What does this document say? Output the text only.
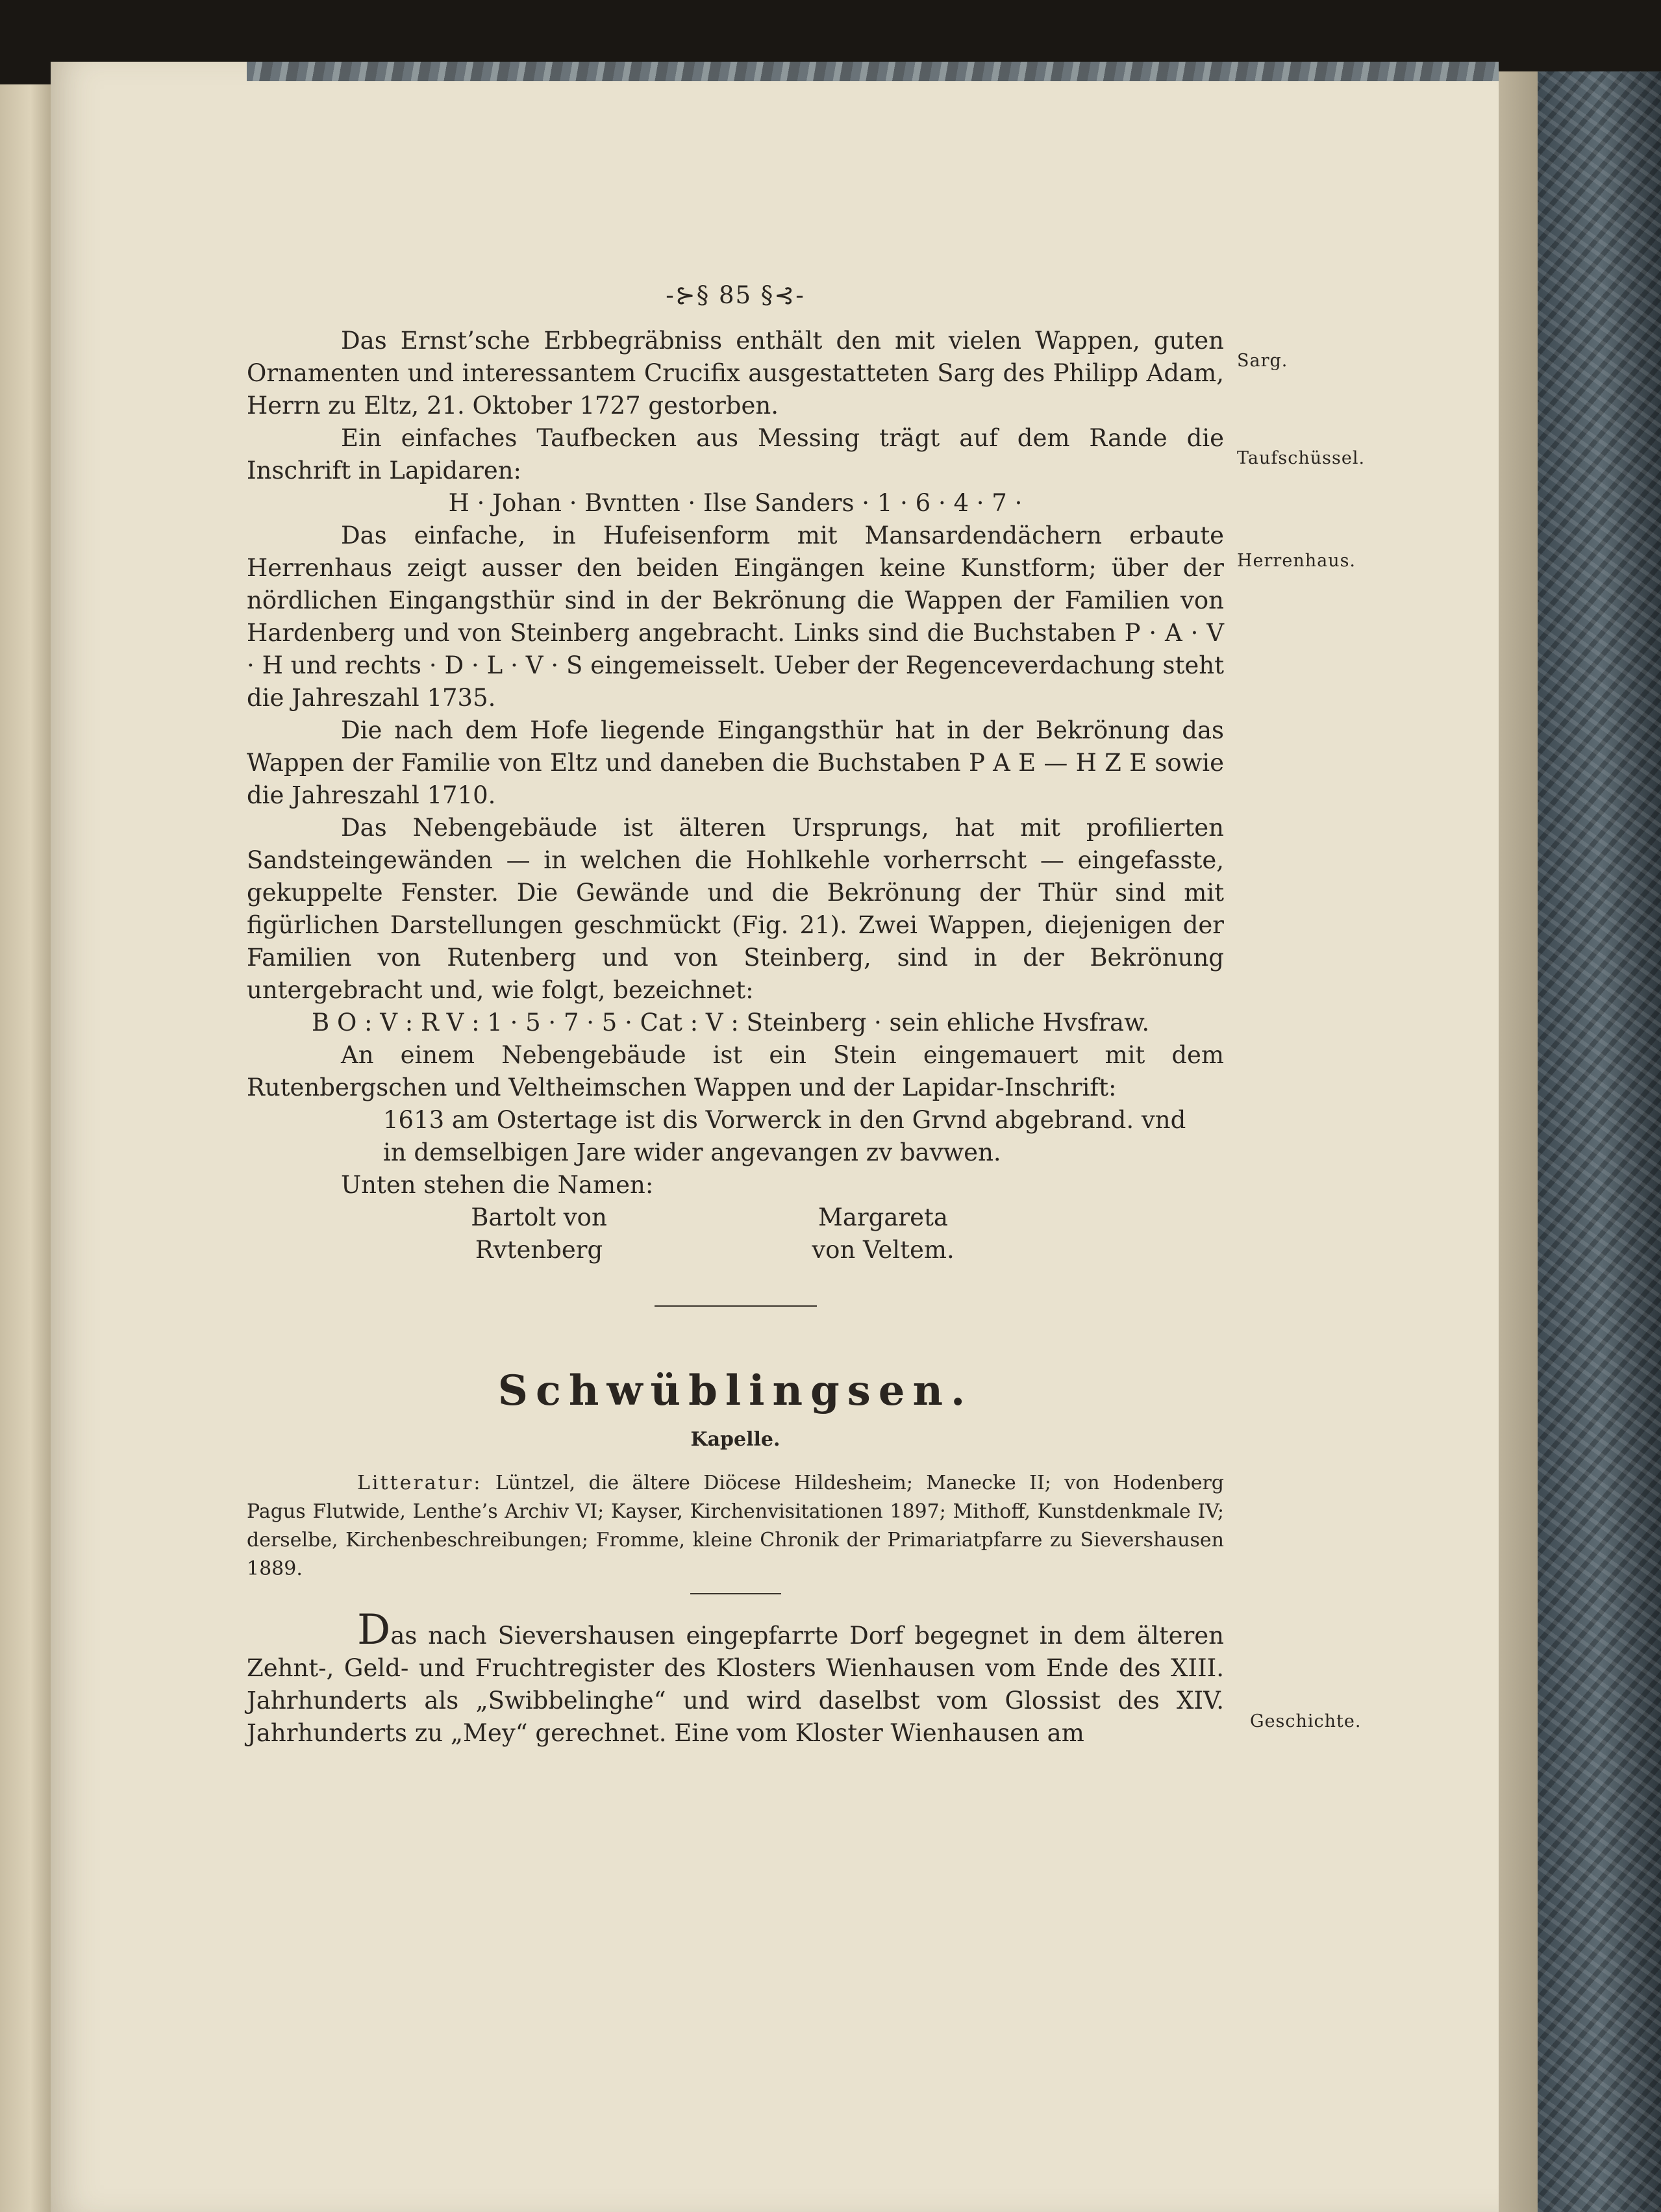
-⊱§ 85 §⊰-

Das Ernst’sche Erbbegräbniss enthält den mit vielen Wappen, guten Ornamenten und interessantem Crucifix ausgestatteten Sarg des Philipp Adam, Herrn zu Eltz, 21. Oktober 1727 gestorben.

Ein einfaches Taufbecken aus Messing trägt auf dem Rande die Inschrift in Lapidaren:

H · Johan · Bvntten · Ilse Sanders · 1 · 6 · 4 · 7 ·

Das einfache, in Hufeisenform mit Mansardendächern erbaute Herrenhaus zeigt ausser den beiden Eingängen keine Kunstform; über der nördlichen Eingangsthür sind in der Bekrönung die Wappen der Familien von Hardenberg und von Steinberg angebracht. Links sind die Buchstaben P · A · V · H und rechts · D · L · V · S eingemeisselt. Ueber der Regenceverdachung steht die Jahreszahl 1735.

Die nach dem Hofe liegende Eingangsthür hat in der Bekrönung das Wappen der Familie von Eltz und daneben die Buchstaben P A E — H Z E sowie die Jahreszahl 1710.

Das Nebengebäude ist älteren Ursprungs, hat mit profilierten Sandsteingewänden — in welchen die Hohlkehle vorherrscht — eingefasste, gekuppelte Fenster. Die Gewände und die Bekrönung der Thür sind mit figürlichen Darstellungen geschmückt (Fig. 21). Zwei Wappen, diejenigen der Familien von Rutenberg und von Steinberg, sind in der Bekrönung untergebracht und, wie folgt, bezeichnet:

B O : V : R V : 1 · 5 · 7 · 5 · Cat : V : Steinberg · sein ehliche Hvsfraw.

An einem Nebengebäude ist ein Stein eingemauert mit dem Rutenbergschen und Veltheimschen Wappen und der Lapidar-Inschrift:

1613 am Ostertage ist dis Vorwerck in den Grvnd abgebrand. vnd

in demselbigen Jare wider angevangen zv bavwen.

Unten stehen die Namen:

Bartolt von
Rvtenberg
Margareta
von Veltem.
Schwüblingsen.

Kapelle.

Litteratur: Lüntzel, die ältere Diöcese Hildesheim; Manecke II; von Hodenberg Pagus Flutwide, Lenthe’s Archiv VI; Kayser, Kirchenvisitationen 1897; Mithoff, Kunstdenkmale IV; derselbe, Kirchenbeschreibungen; Fromme, kleine Chronik der Primariatpfarre zu Sievershausen 1889.

Das nach Sievershausen eingepfarrte Dorf begegnet in dem älteren Zehnt-, Geld- und Fruchtregister des Klosters Wienhausen vom Ende des XIII. Jahrhunderts als „Swibbelinghe“ und wird daselbst vom Glossist des XIV. Jahrhunderts zu „Mey“ gerechnet. Eine vom Kloster Wienhausen am

Sarg.
Taufschüssel.
Herrenhaus.
Geschichte.
